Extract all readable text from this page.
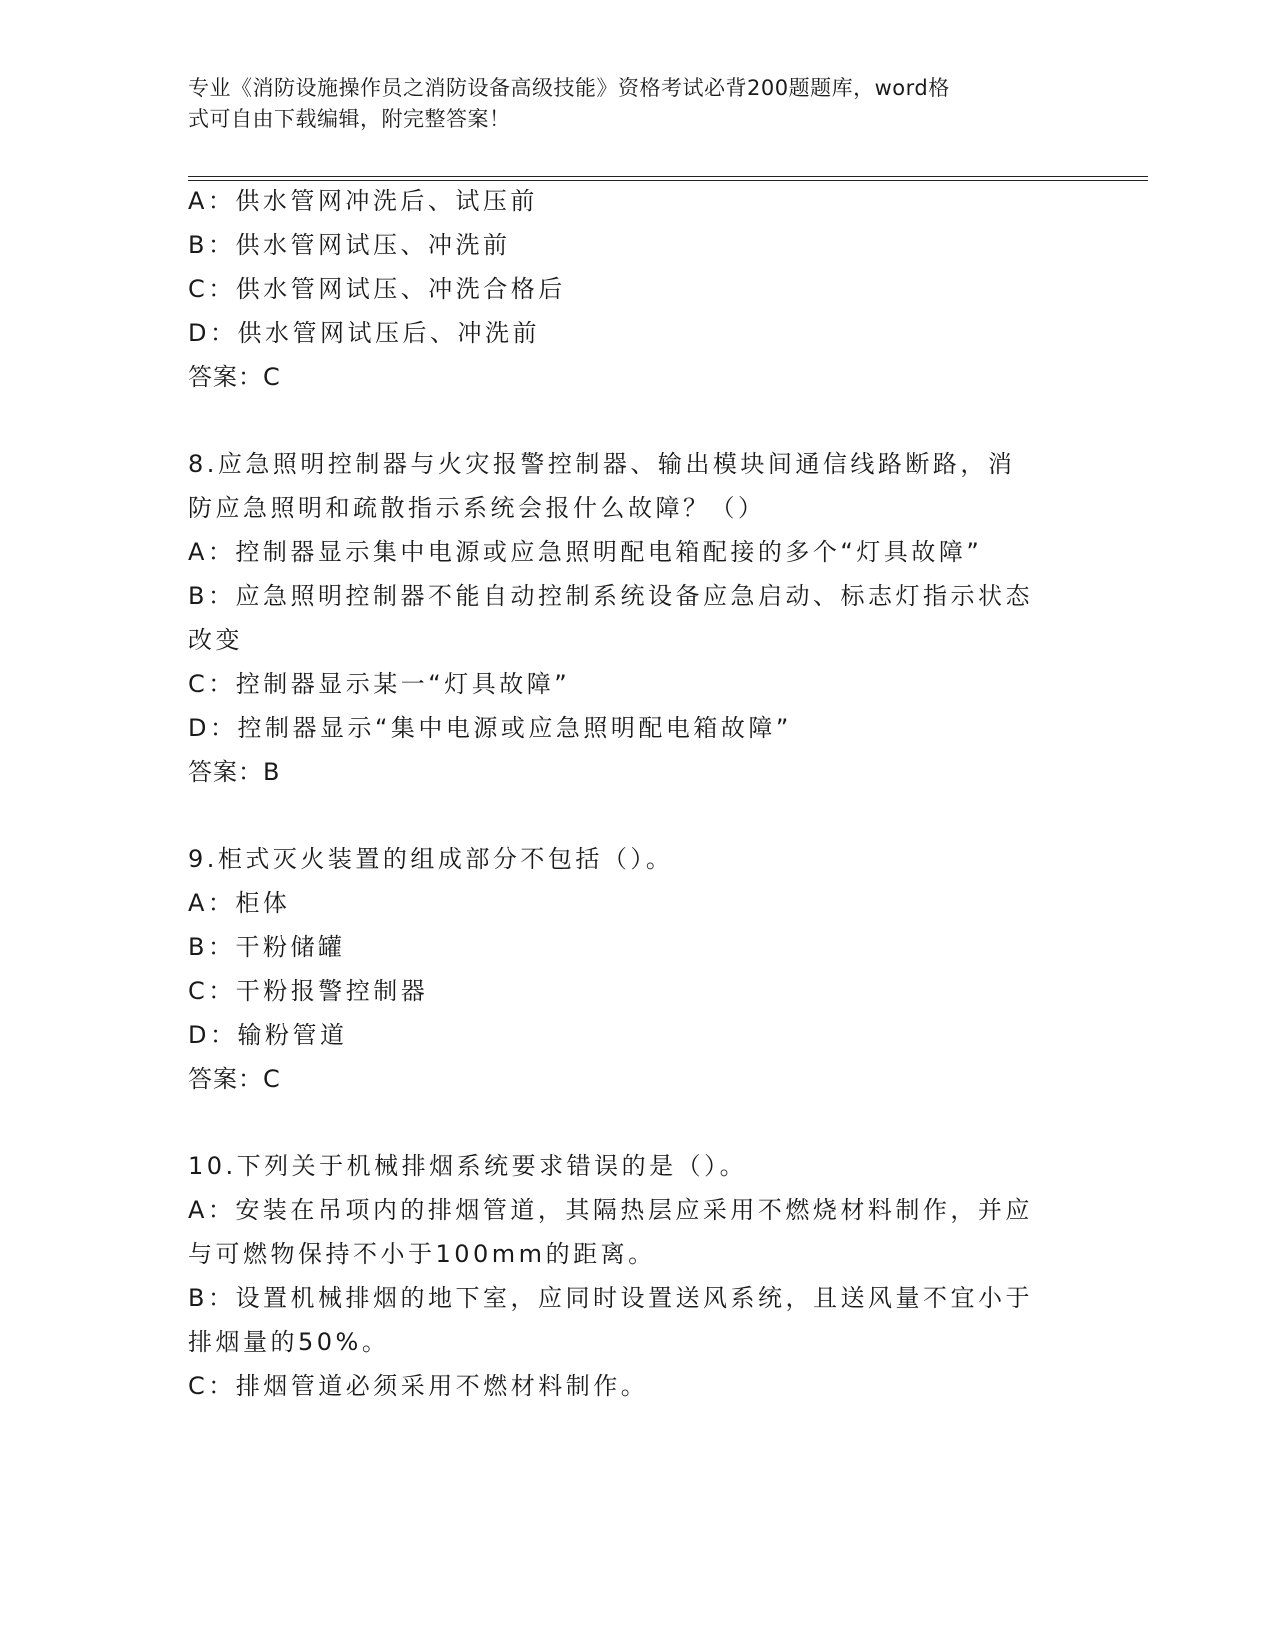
专业《消防设施操作员之消防设备高级技能》资格考试必背200题题库，word格
式可自由下载编辑，附完整答案！
A：供水管网冲洗后、试压前
B：供水管网试压、冲洗前
C：供水管网试压、冲洗合格后
D：供水管网试压后、冲洗前
答案：C
8.应急照明控制器与火灾报警控制器、输出模块间通信线路断路，消
防应急照明和疏散指示系统会报什么故障？（）
A：控制器显示集中电源或应急照明配电箱配接的多个“灯具故障”
B：应急照明控制器不能自动控制系统设备应急启动、标志灯指示状态
改变
C：控制器显示某一“灯具故障”
D：控制器显示“集中电源或应急照明配电箱故障”
答案：B
9.柜式灭火装置的组成部分不包括（）。
A：柜体
B：干粉储罐
C：干粉报警控制器
D：输粉管道
答案：C
10.下列关于机械排烟系统要求错误的是（）。
A：安装在吊项内的排烟管道，其隔热层应采用不燃烧材料制作，并应
与可燃物保持不小于100mm的距离。
B：设置机械排烟的地下室，应同时设置送风系统，且送风量不宜小于
排烟量的50%。
C：排烟管道必须采用不燃材料制作。
